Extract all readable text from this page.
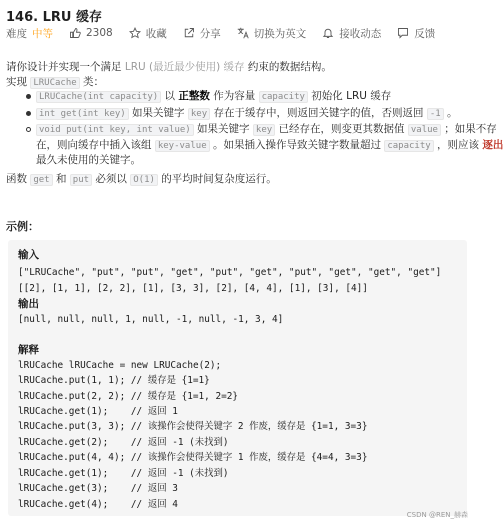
146. LRU 缓存
难度 中等	2308	收藏	分享	切换为英文	接收动态	反馈
请你设计并实现一个满足 LRU (最近最少使用) 缓存 约束的数据结构。
实现 LRUCache 类：
LRUCache(int capacity) 以 正整数 作为容量 capacity 初始化 LRU 缓存
int get(int key) 如果关键字 key 存在于缓存中，则返回关键字的值，否则返回 -1 。
void put(int key, int value) 如果关键字 key 已经存在，则变更其数据值 value ；如果不存
在，则向缓存中插入该组 key-value 。如果插入操作导致关键字数量超过 capacity ，则应该 逐出
最久未使用的关键字。
函数 get 和 put 必须以 O(1) 的平均时间复杂度运行。
示例：
输入
["LRUCache", "put", "put", "get", "put", "get", "put", "get", "get", "get"]
[[2], [1, 1], [2, 2], [1], [3, 3], [2], [4, 4], [1], [3], [4]]
输出
[null, null, null, 1, null, -1, null, -1, 3, 4]
解释
lRUCache lRUCache = new LRUCache(2);
lRUCache.put(1, 1); // 缓存是 {1=1}
lRUCache.put(2, 2); // 缓存是 {1=1, 2=2}
lRUCache.get(1);    // 返回 1
lRUCache.put(3, 3); // 该操作会使得关键字 2 作废，缓存是 {1=1, 3=3}
lRUCache.get(2);    // 返回 -1 (未找到)
lRUCache.put(4, 4); // 该操作会使得关键字 1 作废，缓存是 {4=4, 3=3}
lRUCache.get(1);    // 返回 -1 (未找到)
lRUCache.get(3);    // 返回 3
lRUCache.get(4);    // 返回 4
CSDN @REN_赫森
